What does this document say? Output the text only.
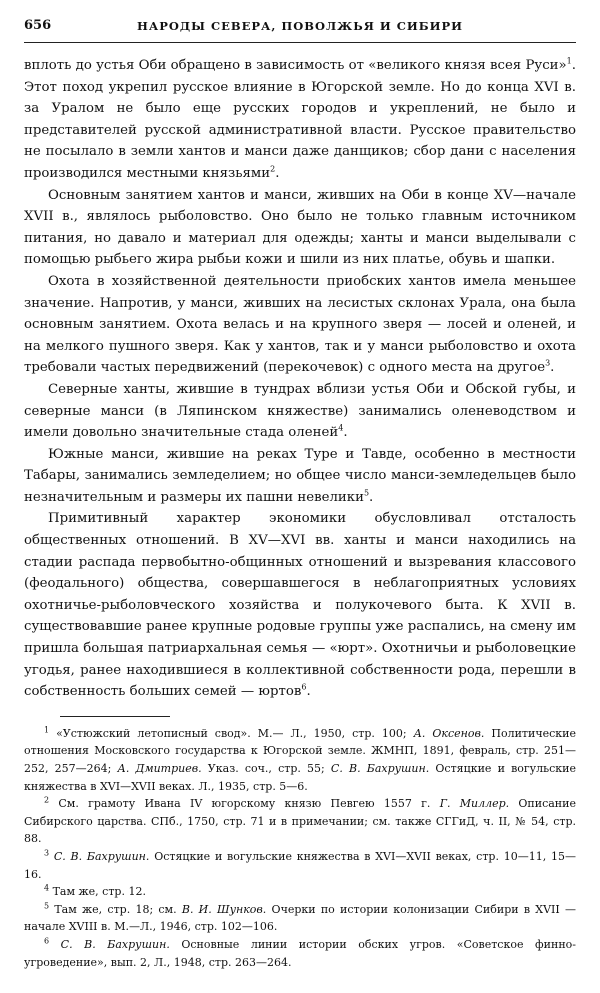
656	НАРОДЫ СЕВЕРА, ПОВОЛЖЬЯ И СИБИРИ

вплоть до устья Оби обращено в зависимость от «великого князя всея Руси»$^1$. Этот поход укрепил русское влияние в Югорской земле. Но до конца XVI в. за Уралом не было еще русских городов и укреплений, не было и представителей русской административной власти. Русское правительство не посылало в земли хантов и манси даже данщиков; сбор дани с населения производился местными князьями$^2$.

Основным занятием хантов и манси, живших на Оби в конце XV—начале XVII в., являлось рыболовство. Оно было не только главным источником питания, но давало и материал для одежды; ханты и манси выделывали с помощью рыбьего жира рыбьи кожи и шили из них платье, обувь и шапки.

Охота в хозяйственной деятельности приобских хантов имела меньшее значение. Напротив, у манси, живших на лесистых склонах Урала, она была основным занятием. Охота велась и на крупного зверя — лосей и оленей, и на мелкого пушного зверя. Как у хантов, так и у манси рыболовство и охота требовали частых передвижений (перекочевок) с одного места на другое$^3$.

Северные ханты, жившие в тундрах вблизи устья Оби и Обской губы, и северные манси (в Ляпинском княжестве) занимались оленеводством и имели довольно значительные стада оленей$^4$.

Южные манси, жившие на реках Туре и Тавде, особенно в местности Табары, занимались земледелием; но общее число манси-земледельцев было незначительным и размеры их пашни невелики$^5$.

Примитивный характер экономики обусловливал отсталость общественных отношений. В XV—XVI вв. ханты и манси находились на стадии распада первобытно-общинных отношений и вызревания классового (феодального) общества, совершавшегося в неблагоприятных условиях охотничье-рыболовческого хозяйства и полукочевого быта. К XVII в. существовавшие ранее крупные родовые группы уже распались, на смену им пришла большая патриархальная семья — «юрт». Охотничьи и рыболовецкие угодья, ранее находившиеся в коллективной собственности рода, перешли в собственность больших семей — юртов$^6$.

$^1$ «Устюжский летописный свод». М.— Л., 1950, стр. 100; А. Оксенов. Политические отношения Московского государства к Югорской земле. ЖМНП, 1891, февраль, стр. 251—252, 257—264; А. Дмитриев. Указ. соч., стр. 55; С. В. Бахрушин. Остяцкие и вогульские княжества в XVI—XVII веках. Л., 1935, стр. 5—6.

$^2$ См. грамоту Ивана IV югорскому князю Певгею 1557 г. Г. Миллер. Описание Сибирского царства. СПб., 1750, стр. 71 и в примечании; см. также СГГиД, ч. II, № 54, стр. 88.

$^3$ С. В. Бахрушин. Остяцкие и вогульские княжества в XVI—XVII веках, стр. 10—11, 15—16.

$^4$ Там же, стр. 12.

$^5$ Там же, стр. 18; см. В. И. Шунков. Очерки по истории колонизации Сибири в XVII — начале XVIII в. М.—Л., 1946, стр. 102—106.

$^6$ С. В. Бахрушин. Основные линии истории обских угров. «Советское финно-угроведение», вып. 2, Л., 1948, стр. 263—264.
